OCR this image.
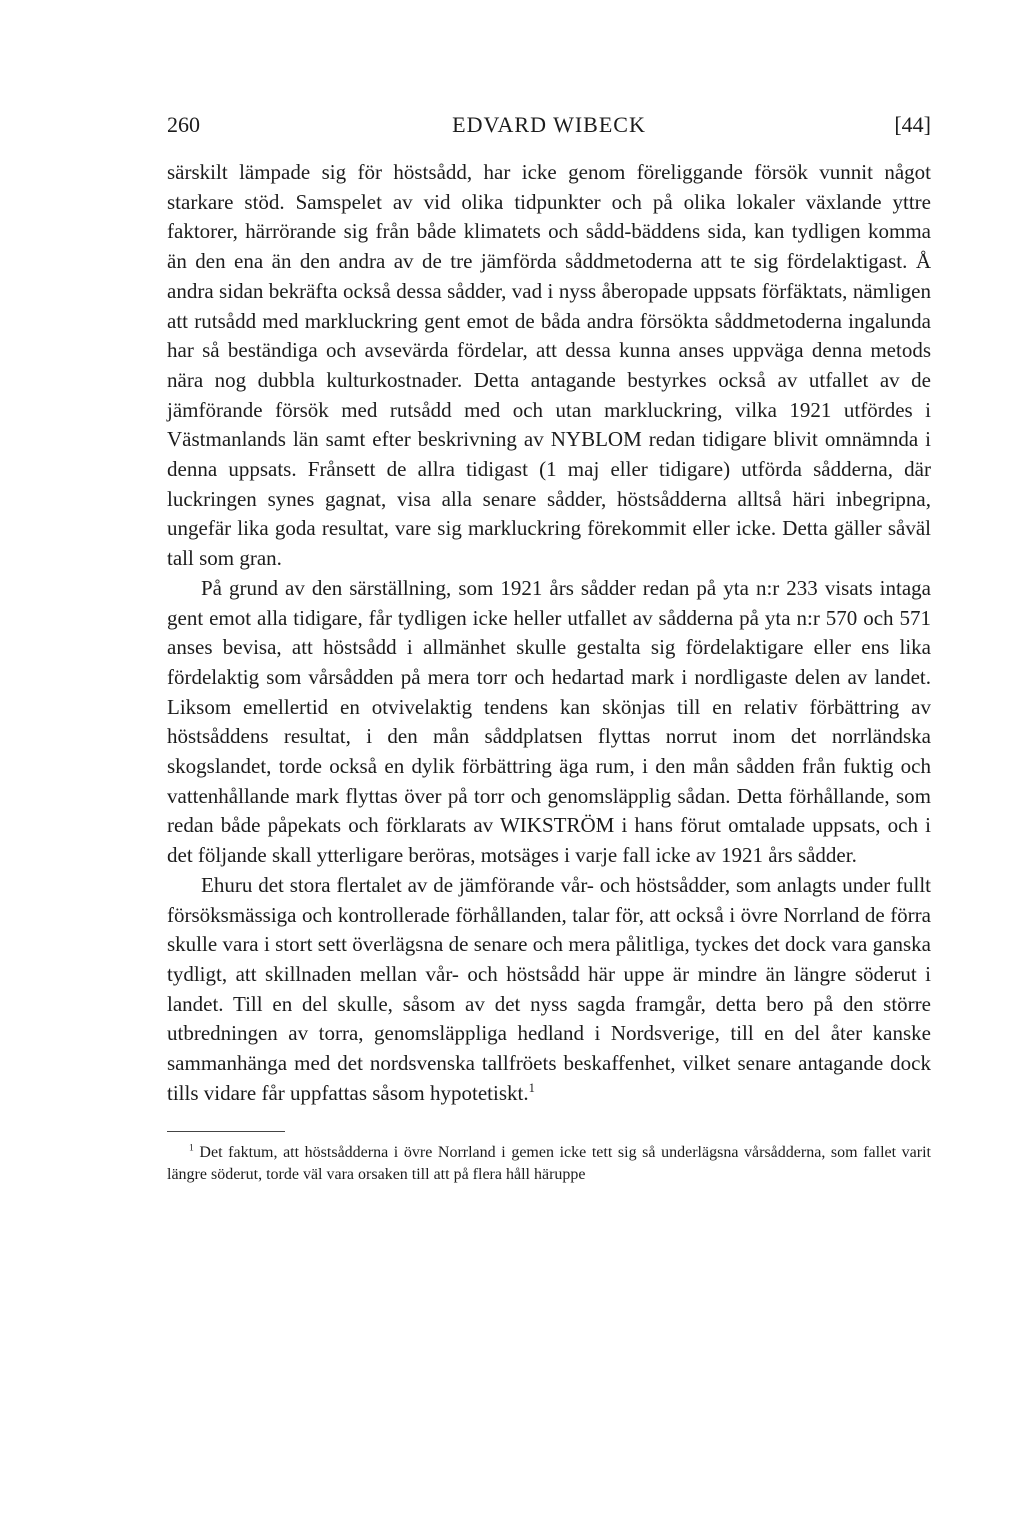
260	EDVARD WIBECK	[44]

särskilt lämpade sig för höstsådd, har icke genom föreliggande försök vunnit något starkare stöd. Samspelet av vid olika tidpunkter och på olika lokaler växlande yttre faktorer, härrörande sig från både klimatets och sådd-bäddens sida, kan tydligen komma än den ena än den andra av de tre jämförda såddmetoderna att te sig fördelaktigast. Å andra sidan bekräfta också dessa sådder, vad i nyss åberopade uppsats förfäktats, nämligen att rutsådd med markluckring gent emot de båda andra försökta såddmetoderna ingalunda har så beständiga och avsevärda fördelar, att dessa kunna anses uppväga denna metods nära nog dubbla kulturkostnader. Detta antagande bestyrkes också av utfallet av de jämförande försök med rutsådd med och utan markluckring, vilka 1921 utfördes i Västmanlands län samt efter beskrivning av NYBLOM redan tidigare blivit omnämnda i denna uppsats. Frånsett de allra tidigast (1 maj eller tidigare) utförda sådderna, där luckringen synes gagnat, visa alla senare sådder, höstsådderna alltså häri inbegripna, ungefär lika goda resultat, vare sig markluckring förekommit eller icke. Detta gäller såväl tall som gran.

På grund av den särställning, som 1921 års sådder redan på yta n:r 233 visats intaga gent emot alla tidigare, får tydligen icke heller utfallet av sådderna på yta n:r 570 och 571 anses bevisa, att höstsådd i allmänhet skulle gestalta sig fördelaktigare eller ens lika fördelaktig som vårsådden på mera torr och hedartad mark i nordligaste delen av landet. Liksom emellertid en otvivelaktig tendens kan skönjas till en relativ förbättring av höstsåddens resultat, i den mån såddplatsen flyttas norrut inom det norrländska skogslandet, torde också en dylik förbättring äga rum, i den mån sådden från fuktig och vattenhållande mark flyttas över på torr och genomsläpplig sådan. Detta förhållande, som redan både påpekats och förklarats av WIKSTRÖM i hans förut omtalade uppsats, och i det följande skall ytterligare beröras, motsäges i varje fall icke av 1921 års sådder.

Ehuru det stora flertalet av de jämförande vår- och höstsådder, som anlagts under fullt försöksmässiga och kontrollerade förhållanden, talar för, att också i övre Norrland de förra skulle vara i stort sett överlägsna de senare och mera pålitliga, tyckes det dock vara ganska tydligt, att skillnaden mellan vår- och höstsådd här uppe är mindre än längre söderut i landet. Till en del skulle, såsom av det nyss sagda framgår, detta bero på den större utbredningen av torra, genomsläppliga hedland i Nordsverige, till en del åter kanske sammanhänga med det nordsvenska tallfröets beskaffenhet, vilket senare antagande dock tills vidare får uppfattas såsom hypotetiskt.$^1$

$^1$ Det faktum, att höstsådderna i övre Norrland i gemen icke tett sig så underlägsna vårsådderna, som fallet varit längre söderut, torde väl vara orsaken till att på flera håll häruppe
